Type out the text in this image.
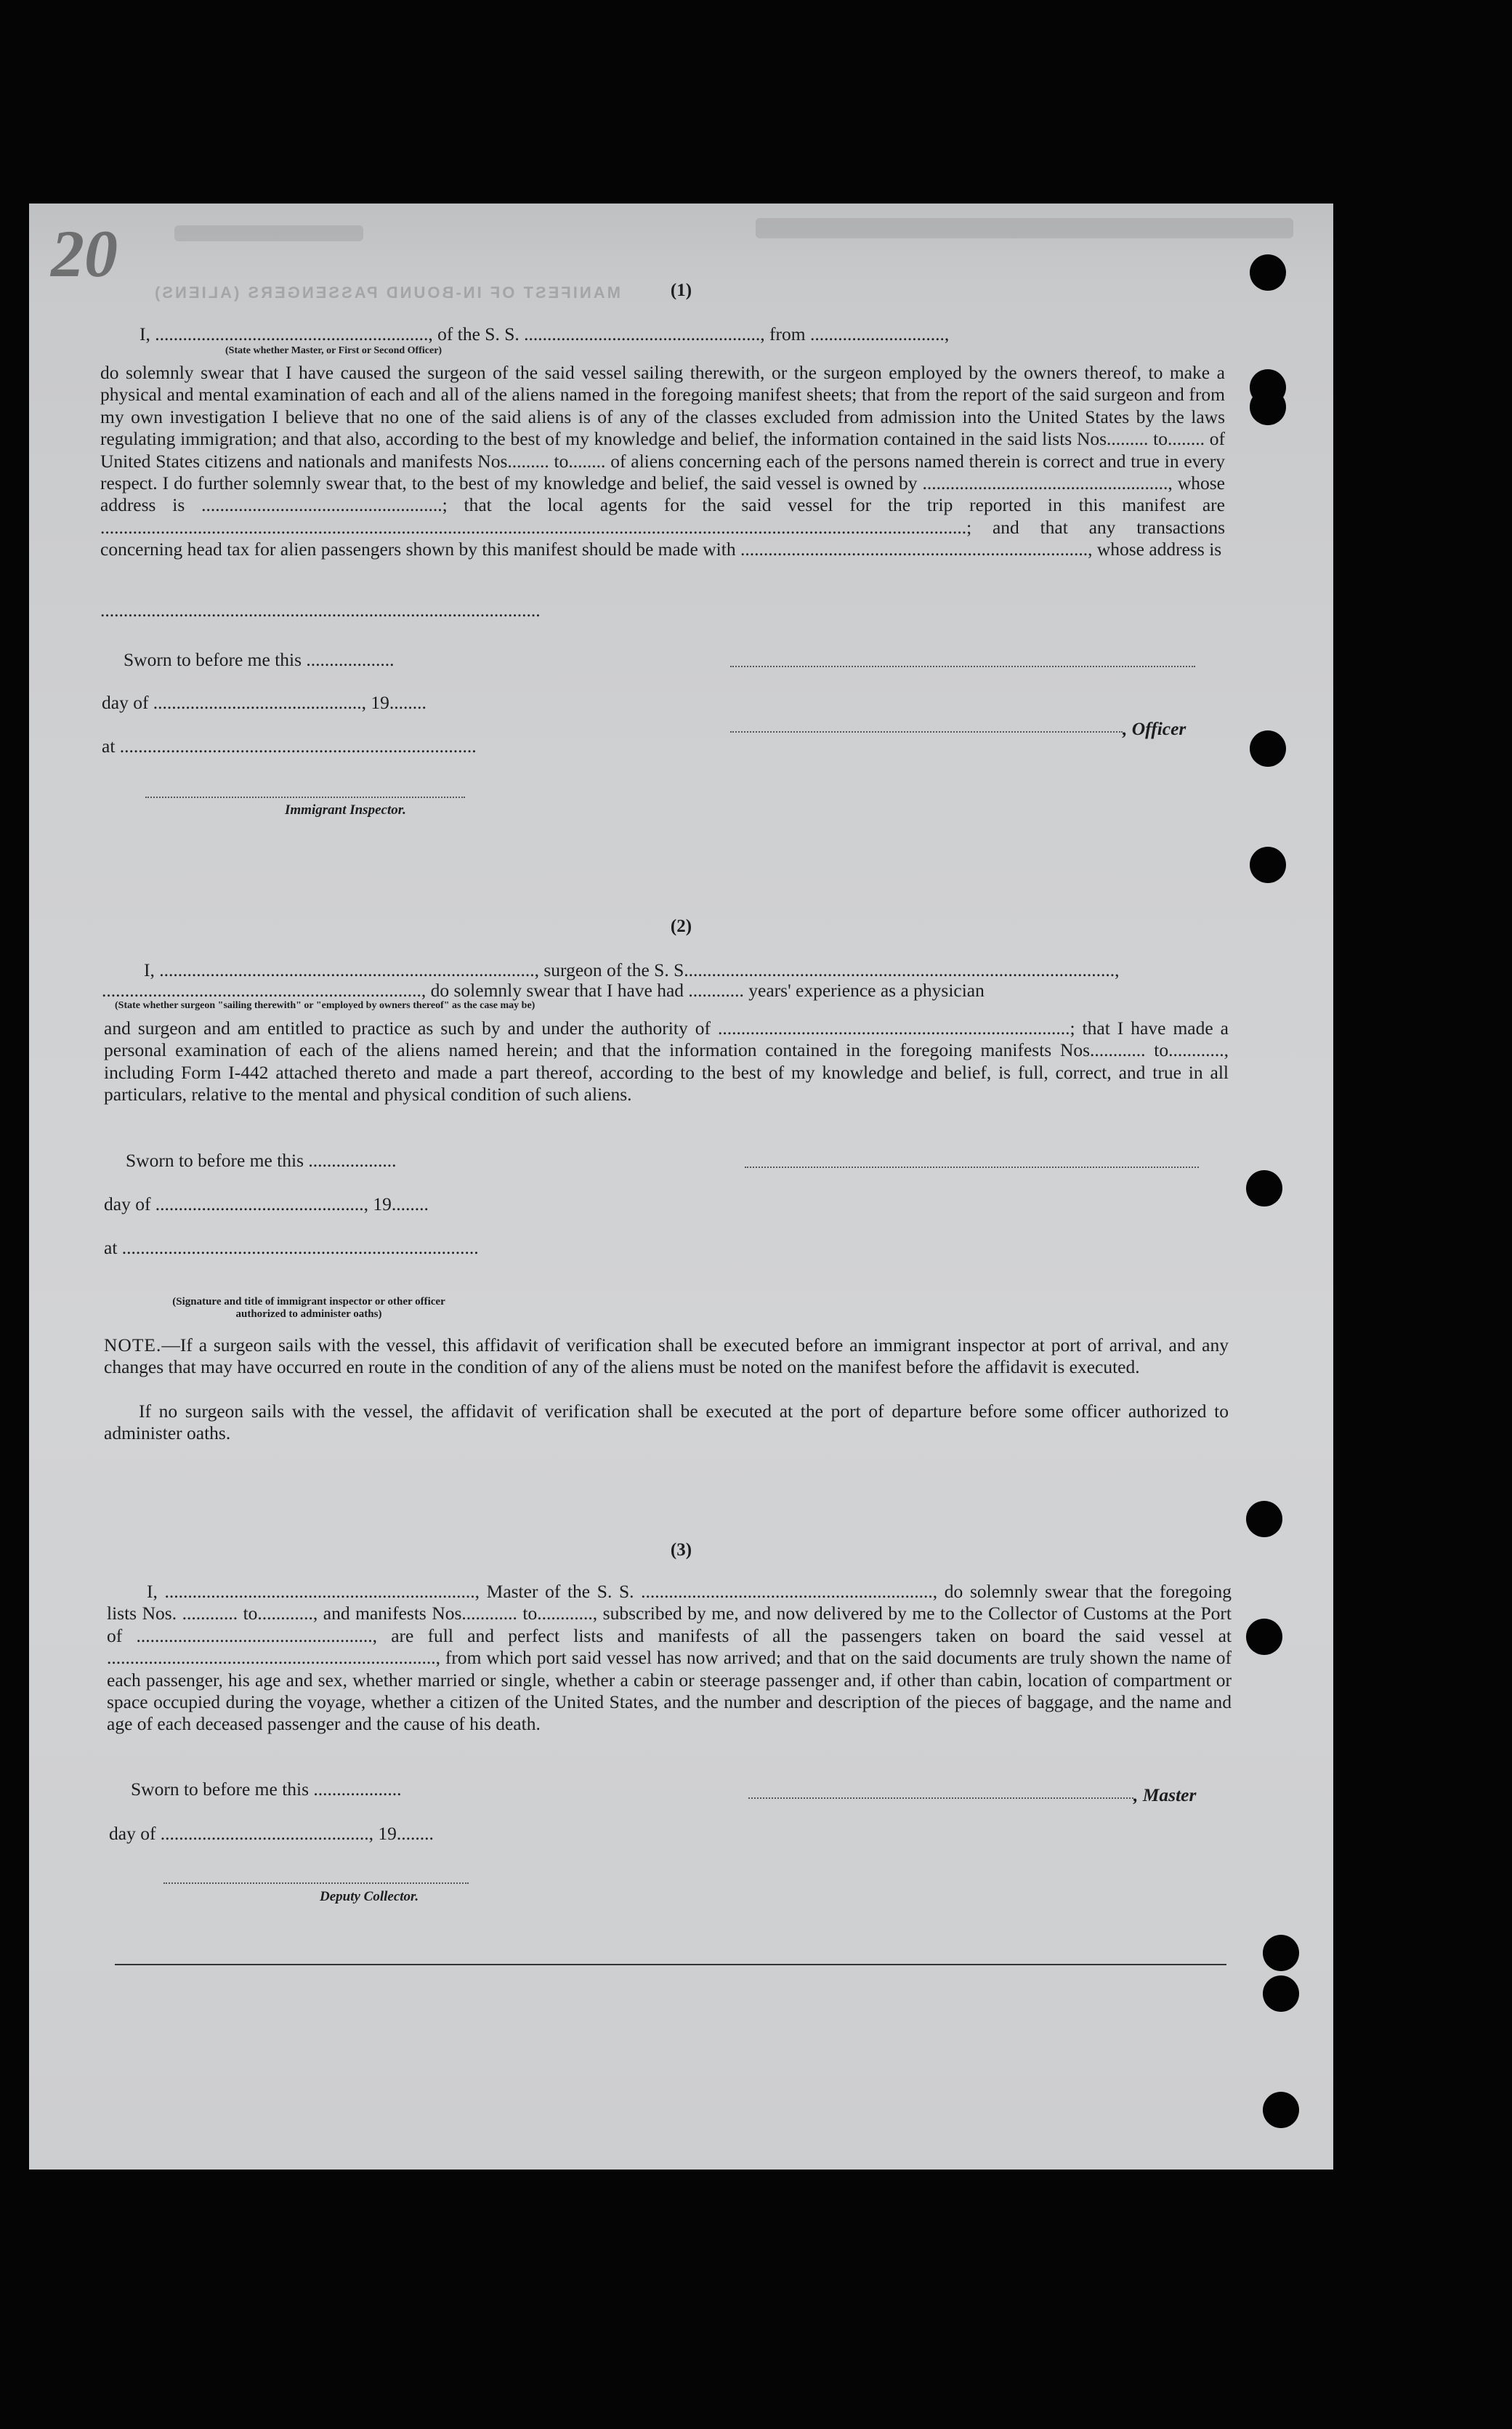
20
MANIFEST OF IN-BOUND PASSENGERS (ALIENS)	(1)
I, ..........................................................., of the S. S. ..................................................., from .............................,
(State whether Master, or First or Second Officer)
do solemnly swear that I have caused the surgeon of the said vessel sailing therewith, or the surgeon employed by the owners thereof, to make a physical and mental examination of each and all of the aliens named in the foregoing manifest sheets; that from the report of the said surgeon and from my own investigation I believe that no one of the said aliens is of any of the classes excluded from admission into the United States by the laws regulating immigration; and that also, according to the best of my knowledge and belief, the information contained in the said lists Nos......... to........ of United States citizens and nationals and manifests Nos......... to........ of aliens concerning each of the persons named therein is correct and true in every respect. I do further solemnly swear that, to the best of my knowledge and belief, the said vessel is owned by ....................................................., whose address is ....................................................; that the local agents for the said vessel for the trip reported in this manifest are ...........................................................................................................................................................................................; and that any transactions concerning head tax for alien passengers shown by this manifest should be made with ..........................................................................., whose address is
...............................................................................................
Sworn to before me this ...................
day of ............................................., 19........
at .............................................................................
Immigrant Inspector.
, Officer
(2)
I, ................................................................................., surgeon of the S. S.............................................................................................,
....................................................................., do solemnly swear that I have had ............ years' experience as a physician
(State whether surgeon "sailing therewith" or "employed by owners thereof" as the case may be)
and surgeon and am entitled to practice as such by and under the authority of ............................................................................; that I have made a personal examination of each of the aliens named herein; and that the information contained in the foregoing manifests Nos............ to............, including Form I-442 attached thereto and made a part thereof, according to the best of my knowledge and belief, is full, correct, and true in all particulars, relative to the mental and physical condition of such aliens.
Sworn to before me this ...................
day of ............................................., 19........
at .............................................................................
(Signature and title of immigrant inspector or other officer authorized to administer oaths)
NOTE.—If a surgeon sails with the vessel, this affidavit of verification shall be executed before an immigrant inspector at port of arrival, and any changes that may have occurred en route in the condition of any of the aliens must be noted on the manifest before the affidavit is executed.
If no surgeon sails with the vessel, the affidavit of verification shall be executed at the port of departure before some officer authorized to administer oaths.
(3)
I, ..................................................................., Master of the S. S. ..............................................................., do solemnly swear that the foregoing lists Nos. ............ to............, and manifests Nos............ to............, subscribed by me, and now delivered by me to the Collector of Customs at the Port of ..................................................., are full and perfect lists and manifests of all the passengers taken on board the said vessel at ......................................................................., from which port said vessel has now arrived; and that on the said documents are truly shown the name of each passenger, his age and sex, whether married or single, whether a cabin or steerage passenger and, if other than cabin, location of compartment or space occupied during the voyage, whether a citizen of the United States, and the number and description of the pieces of baggage, and the name and age of each deceased passenger and the cause of his death.
Sworn to before me this ...................
day of ............................................., 19........
Deputy Collector.
, Master
